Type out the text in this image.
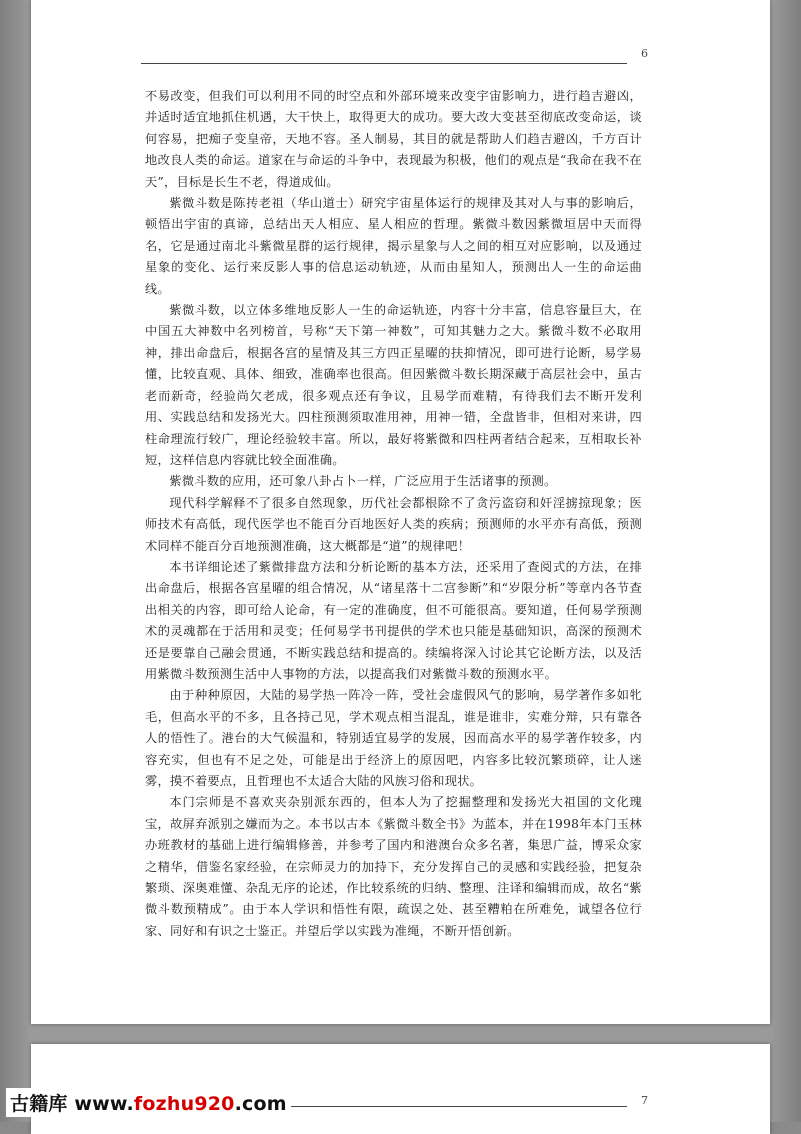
6

不易改变，但我们可以利用不同的时空点和外部环境来改变宇宙影响力，进行趋吉避凶，并适时适宜地抓住机遇，大干快上，取得更大的成功。要大改大变甚至彻底改变命运，谈何容易，把痴子变皇帝，天地不容。圣人制易，其目的就是帮助人们趋吉避凶，千方百计地改良人类的命运。道家在与命运的斗争中，表现最为积极，他们的观点是“我命在我不在天”，目标是长生不老，得道成仙。

紫微斗数是陈抟老祖（华山道士）研究宇宙星体运行的规律及其对人与事的影响后，顿悟出宇宙的真谛，总结出天人相应、星人相应的哲理。紫微斗数因紫微垣居中天而得名，它是通过南北斗紫微星群的运行规律，揭示星象与人之间的相互对应影响，以及通过星象的变化、运行来反影人事的信息运动轨迹，从而由星知人，预测出人一生的命运曲线。

紫微斗数，以立体多维地反影人一生的命运轨迹，内容十分丰富，信息容量巨大，在中国五大神数中名列榜首，号称“天下第一神数”，可知其魅力之大。紫微斗数不必取用神，排出命盘后，根据各宫的星情及其三方四正星曜的扶抑情况，即可进行论断，易学易懂，比较直观、具体、细致，准确率也很高。但因紫微斗数长期深藏于高层社会中，虽古老而新奇，经验尚欠老成，很多观点还有争议，且易学而难精，有待我们去不断开发利用、实践总结和发扬光大。四柱预测须取准用神，用神一错，全盘皆非，但相对来讲，四柱命理流行较广，理论经验较丰富。所以，最好将紫微和四柱两者结合起来，互相取长补短，这样信息内容就比较全面准确。

紫微斗数的应用，还可象八卦占卜一样，广泛应用于生活诸事的预测。

现代科学解释不了很多自然现象，历代社会都根除不了贪污盗窃和奸淫掳掠现象；医师技术有高低，现代医学也不能百分百地医好人类的疾病；预测师的水平亦有高低，预测术同样不能百分百地预测准确，这大概都是“道”的规律吧！

本书详细论述了紫微排盘方法和分析论断的基本方法，还采用了查阅式的方法，在排出命盘后，根据各宫星曜的组合情况，从“诸星落十二宫参断”和“岁限分析”等章内各节查出相关的内容，即可给人论命，有一定的准确度，但不可能很高。要知道，任何易学预测术的灵魂都在于活用和灵变；任何易学书刊提供的学术也只能是基础知识，高深的预测术还是要靠自己融会贯通，不断实践总结和提高的。续编将深入讨论其它论断方法，以及活用紫微斗数预测生活中人事物的方法，以提高我们对紫微斗数的预测水平。

由于种种原因，大陆的易学热一阵冷一阵，受社会虚假风气的影响，易学著作多如牝毛，但高水平的不多，且各持己见，学术观点相当混乱，谁是谁非，实难分辩，只有靠各人的悟性了。港台的大气候温和，特别适宜易学的发展，因而高水平的易学著作较多，内容充实，但也有不足之处，可能是出于经济上的原因吧，内容多比较沉繁琐碎，让人迷雾，摸不着要点，且哲理也不太适合大陆的风族习俗和现状。

本门宗师是不喜欢夹杂别派东西的，但本人为了挖掘整理和发扬光大祖国的文化瑰宝，故屏弃派别之嫌而为之。本书以古本《紫微斗数全书》为蓝本，并在1998年本门玉林办班教材的基础上进行编辑修善，并参考了国内和港澳台众多名著，集思广益，博采众家之精华，借鉴名家经验，在宗师灵力的加持下，充分发挥自己的灵感和实践经验，把复杂繁琐、深奥难懂、杂乱无序的论述，作比较系统的归纳、整理、注译和编辑而成，故名“紫微斗数预精成”。由于本人学识和悟性有限，疏误之处、甚至糟粕在所难免，诚望各位行家、同好和有识之士鉴正。并望后学以实践为准绳，不断开悟创新。

7
古籍库 www.fozhu920.com
